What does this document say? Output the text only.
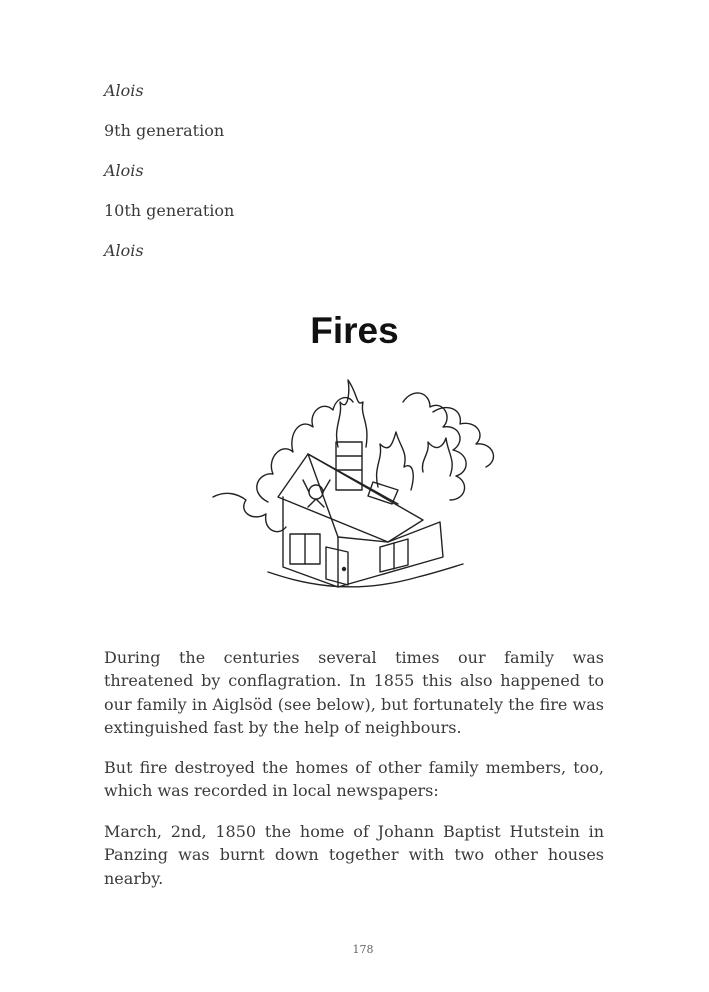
Alois

9th generation

Alois

10th generation

Alois

Fires

During the centuries several times our family was threatened by conflagration. In 1855 this also happened to our family in Aiglsöd (see below), but fortunately the fire was extinguished fast by the help of neighbours.

But fire destroyed the homes of other family members, too, which was recorded in local newspapers:

March, 2nd, 1850 the home of Johann Baptist Hutstein in Panzing was burnt down together with two other houses nearby.

178
